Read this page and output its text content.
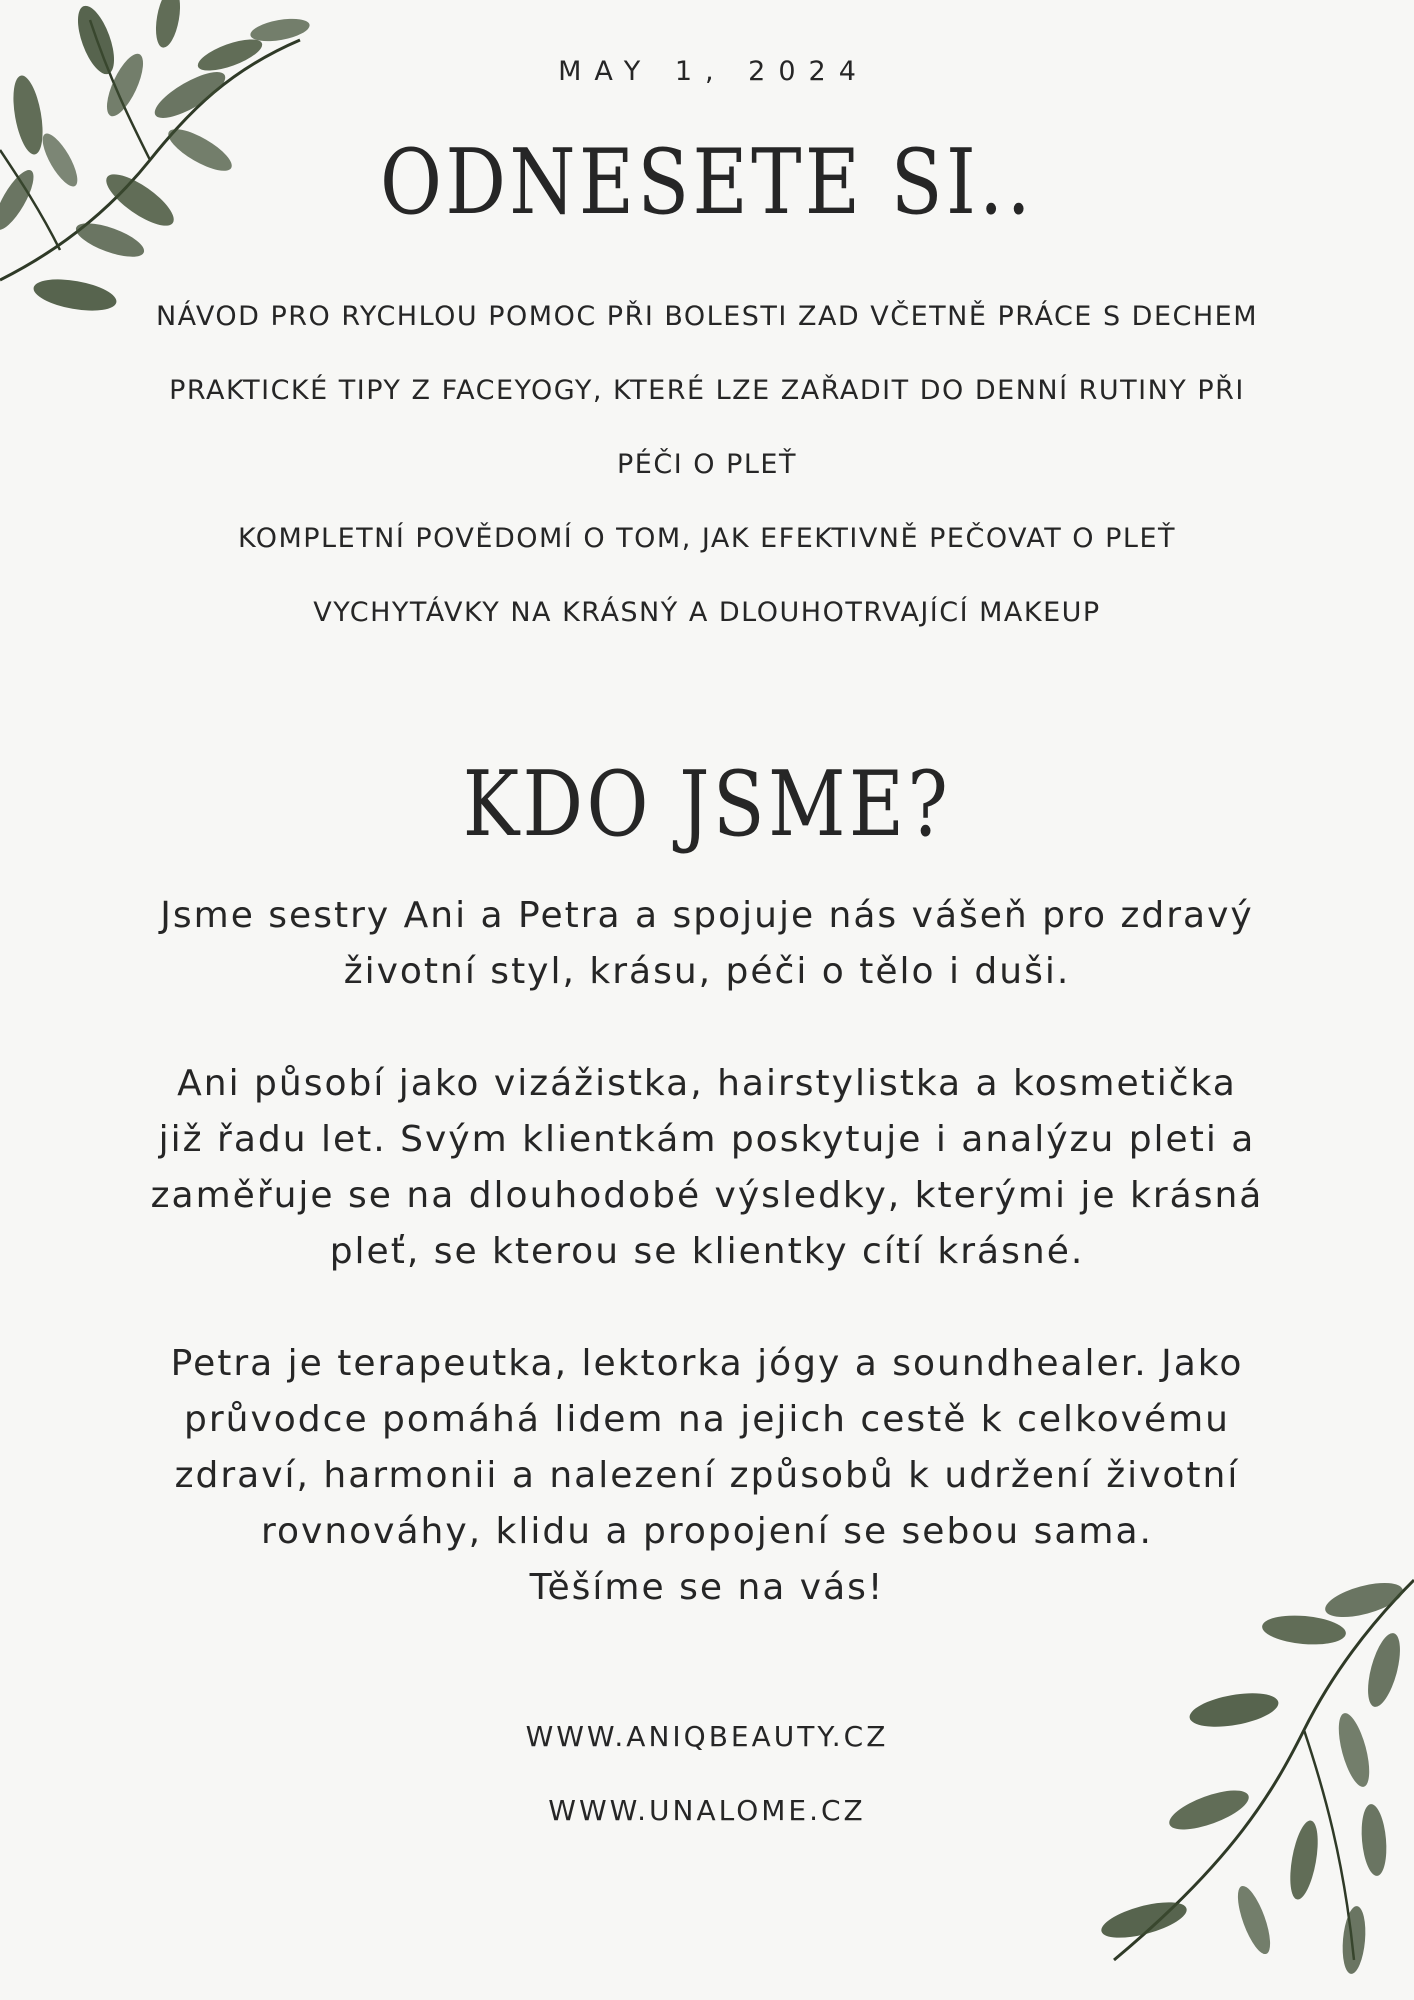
MAY 1, 2024
ODNESETE SI..
NÁVOD PRO RYCHLOU POMOC PŘI BOLESTI ZAD VČETNĚ PRÁCE S DECHEM
PRAKTICKÉ TIPY Z FACEYOGY, KTERÉ LZE ZAŘADIT DO DENNÍ RUTINY PŘI PÉČI O PLEŤ
KOMPLETNÍ POVĚDOMÍ O TOM, JAK EFEKTIVNĚ PEČOVAT O PLEŤ
VYCHYTÁVKY NA KRÁSNÝ A DLOUHOTRVAJÍCÍ MAKEUP
KDO JSME?

Jsme sestry Ani a Petra a spojuje nás vášeň pro zdravý životní styl, krásu, péči o tělo i duši.

Ani působí jako vizážistka, hairstylistka a kosmetička již řadu let. Svým klientkám poskytuje i analýzu pleti a zaměřuje se na dlouhodobé výsledky, kterými je krásná pleť, se kterou se klientky cítí krásné.

Petra je terapeutka, lektorka jógy a soundhealer. Jako průvodce pomáhá lidem na jejich cestě k celkovému zdraví, harmonii a nalezení způsobů k udržení životní rovnováhy, klidu a propojení se sebou sama.

Těšíme se na vás!

WWW.ANIQBEAUTY.CZ
WWW.UNALOME.CZ
